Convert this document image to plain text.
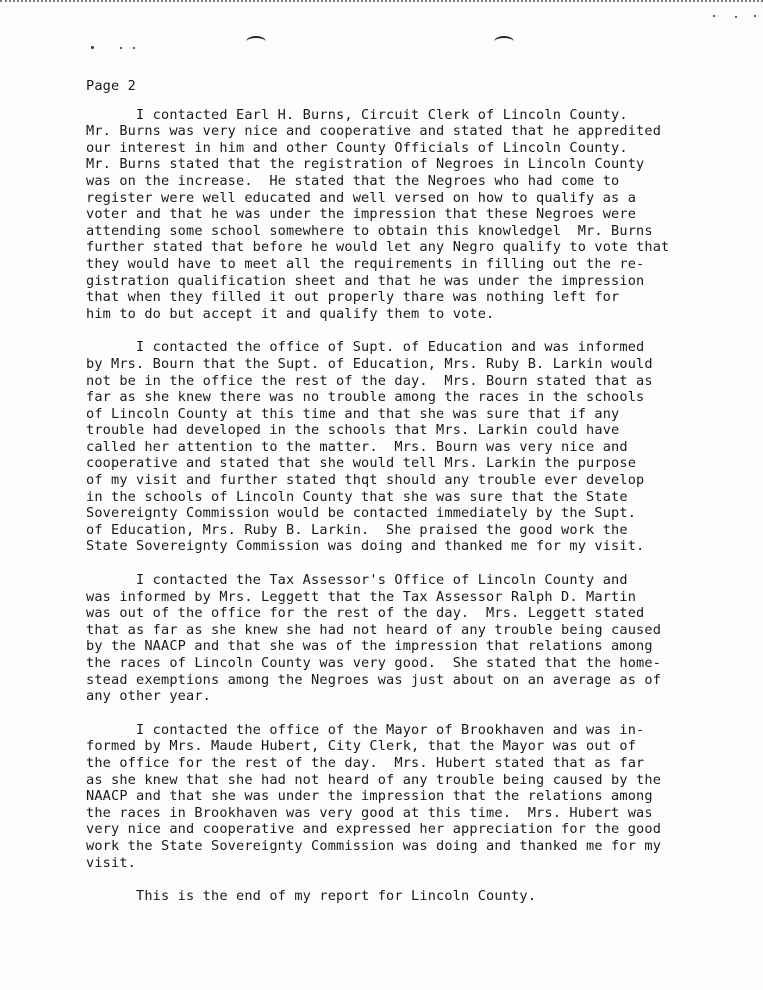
Page 2
I contacted Earl H. Burns, Circuit Clerk of Lincoln County.
Mr. Burns was very nice and cooperative and stated that he appredited
our interest in him and other County Officials of Lincoln County.
Mr. Burns stated that the registration of Negroes in Lincoln County
was on the increase.  He stated that the Negroes who had come to
register were well educated and well versed on how to qualify as a
voter and that he was under the impression that these Negroes were
attending some school somewhere to obtain this knowledgel  Mr. Burns
further stated that before he would let any Negro qualify to vote that
they would have to meet all the requirements in filling out the re-
gistration qualification sheet and that he was under the impression
that when they filled it out properly thare was nothing left for
him to do but accept it and qualify them to vote.
I contacted the office of Supt. of Education and was informed
by Mrs. Bourn that the Supt. of Education, Mrs. Ruby B. Larkin would
not be in the office the rest of the day.  Mrs. Bourn stated that as
far as she knew there was no trouble among the races in the schools
of Lincoln County at this time and that she was sure that if any
trouble had developed in the schools that Mrs. Larkin could have
called her attention to the matter.  Mrs. Bourn was very nice and
cooperative and stated that she would tell Mrs. Larkin the purpose
of my visit and further stated thqt should any trouble ever develop
in the schools of Lincoln County that she was sure that the State
Sovereignty Commission would be contacted immediately by the Supt.
of Education, Mrs. Ruby B. Larkin.  She praised the good work the
State Sovereignty Commission was doing and thanked me for my visit.
I contacted the Tax Assessor's Office of Lincoln County and
was informed by Mrs. Leggett that the Tax Assessor Ralph D. Martin
was out of the office for the rest of the day.  Mrs. Leggett stated
that as far as she knew she had not heard of any trouble being caused
by the NAACP and that she was of the impression that relations among
the races of Lincoln County was very good.  She stated that the home-
stead exemptions among the Negroes was just about on an average as of
any other year.
I contacted the office of the Mayor of Brookhaven and was in-
formed by Mrs. Maude Hubert, City Clerk, that the Mayor was out of
the office for the rest of the day.  Mrs. Hubert stated that as far
as she knew that she had not heard of any trouble being caused by the
NAACP and that she was under the impression that the relations among
the races in Brookhaven was very good at this time.  Mrs. Hubert was
very nice and cooperative and expressed her appreciation for the good
work the State Sovereignty Commission was doing and thanked me for my
visit.

This is the end of my report for Lincoln County.
